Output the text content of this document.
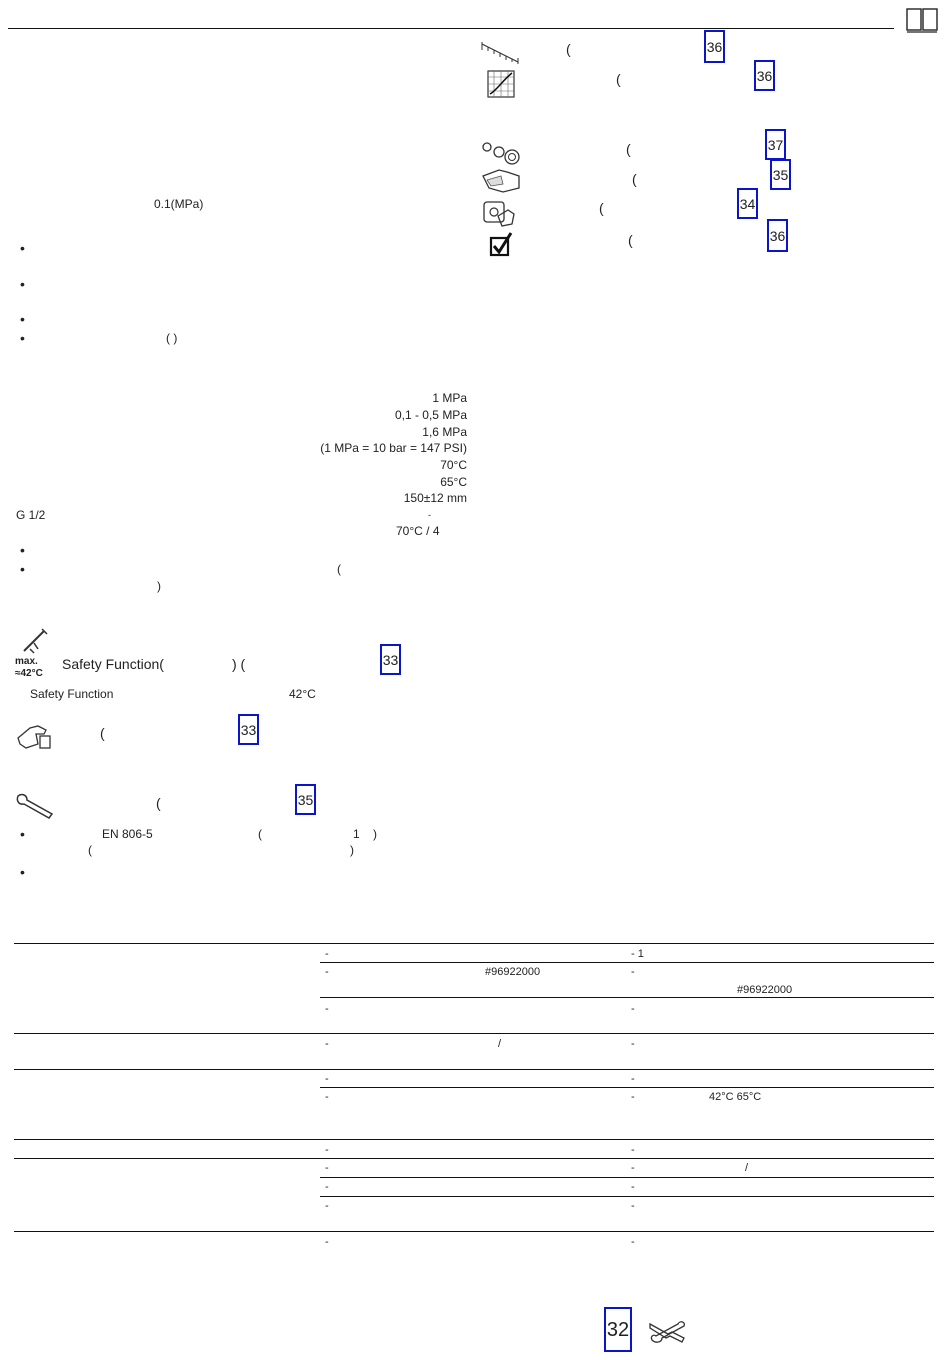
0.1(MPa)
•
•
•
•	( )
1 MPa
0,1 - 0,5 MPa
1,6 MPa
(1 MPa = 10 bar = 147 PSI)
70°C
65°C
150±12 mm
G 1/2	-
70°C / 4
•
•	(
)
max.
≈42°C
Safety Function(	) (	33
Safety Function	42°C
(	33
(	35
•	EN 806-5	(	1 )
(	)
•
(	36
(	36
(	37
(	35
(	34
(	36
-	- 1
-	#96922000	-
#96922000
-	-
-	/	-
-	-
-	-	42°C 65°C
-	-
-	-	/
-	-
-	-
-	-
32
